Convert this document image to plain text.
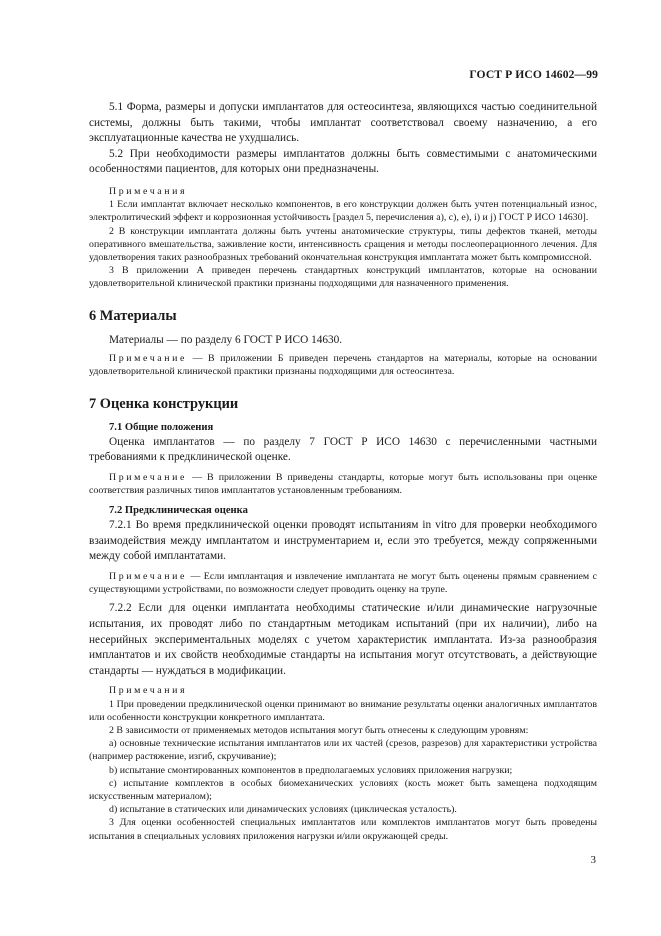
ГОСТ Р ИСО 14602—99

5.1 Форма, размеры и допуски имплантатов для остеосинтеза, являющихся частью соединительной системы, должны быть такими, чтобы имплантат соответствовал своему назначению, а его эксплуатационные качества не ухудшались.

5.2 При необходимости размеры имплантатов должны быть совместимыми с анатомическими особенностями пациентов, для которых они предназначены.

Примечания

1 Если имплантат включает несколько компонентов, в его конструкции должен быть учтен потенциальный износ, электролитический эффект и коррозионная устойчивость [раздел 5, перечисления a), c), e), i) и j) ГОСТ Р ИСО 14630].

2 В конструкции имплантата должны быть учтены анатомические структуры, типы дефектов тканей, методы оперативного вмешательства, заживление кости, интенсивность сращения и методы послеоперационного лечения. Для удовлетворения таких разнообразных требований окончательная конструкция имплантата может быть компромиссной.

3 В приложении А приведен перечень стандартных конструкций имплантатов, которые на основании удовлетворительной клинической практики признаны подходящими для назначенного применения.

6 Материалы

Материалы — по разделу 6 ГОСТ Р ИСО 14630.

Примечание — В приложении Б приведен перечень стандартов на материалы, которые на основании удовлетворительной клинической практики признаны подходящими для остеосинтеза.

7 Оценка конструкции

7.1 Общие положения

Оценка имплантатов — по разделу 7 ГОСТ Р ИСО 14630 с перечисленными частными требованиями к предклинической оценке.

Примечание — В приложении В приведены стандарты, которые могут быть использованы при оценке соответствия различных типов имплантатов установленным требованиям.

7.2 Предклиническая оценка

7.2.1 Во время предклинической оценки проводят испытаниям in vitro для проверки необходимого взаимодействия между имплантатом и инструментарием и, если это требуется, между сопряженными между собой имплантатами.

Примечание — Если имплантация и извлечение имплантата не могут быть оценены прямым сравнением с существующими устройствами, по возможности следует проводить оценку на трупе.

7.2.2 Если для оценки имплантата необходимы статические и/или динамические нагрузочные испытания, их проводят либо по стандартным методикам испытаний (при их наличии), либо на несерийных экспериментальных моделях с учетом характеристик имплантата. Из-за разнообразия имплантатов и их свойств необходимые стандарты на испытания могут отсутствовать, а действующие стандарты — нуждаться в модификации.

Примечания

1 При проведении предклинической оценки принимают во внимание результаты оценки аналогичных имплантатов или особенности конструкции конкретного имплантата.

2 В зависимости от применяемых методов испытания могут быть отнесены к следующим уровням:

a) основные технические испытания имплантатов или их частей (срезов, разрезов) для характеристики устройства (например растяжение, изгиб, скручивание);

b) испытание смонтированных компонентов в предполагаемых условиях приложения нагрузки;

c) испытание комплектов в особых биомеханических условиях (кость может быть замещена подходящим искусственным материалом);

d) испытание в статических или динамических условиях (циклическая усталость).

3 Для оценки особенностей специальных имплантатов или комплектов имплантатов могут быть проведены испытания в специальных условиях приложения нагрузки и/или окружающей среды.

3
